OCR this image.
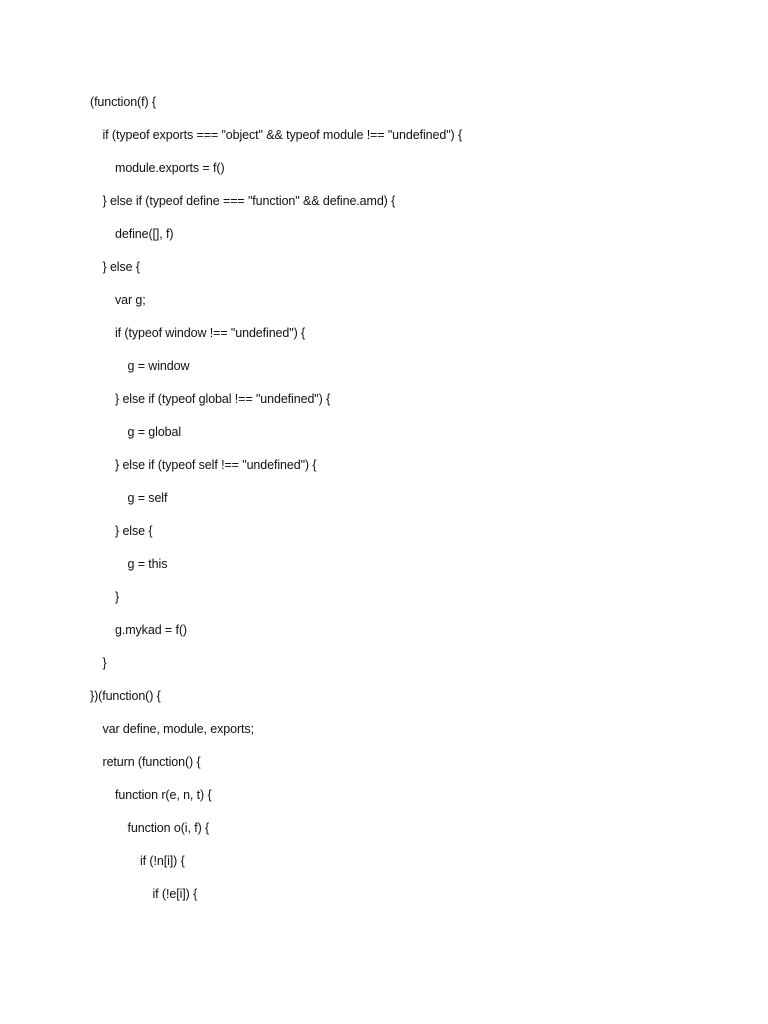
(function(f) {
if (typeof exports === "object" && typeof module !== "undefined") {
module.exports = f()
} else if (typeof define === "function" && define.amd) {
define([], f)
} else {
var g;
if (typeof window !== "undefined") {
g = window
} else if (typeof global !== "undefined") {
g = global
} else if (typeof self !== "undefined") {
g = self
} else {
g = this
}
g.mykad = f()
}
})(function() {
var define, module, exports;
return (function() {
function r(e, n, t) {
function o(i, f) {
if (!n[i]) {
if (!e[i]) {
